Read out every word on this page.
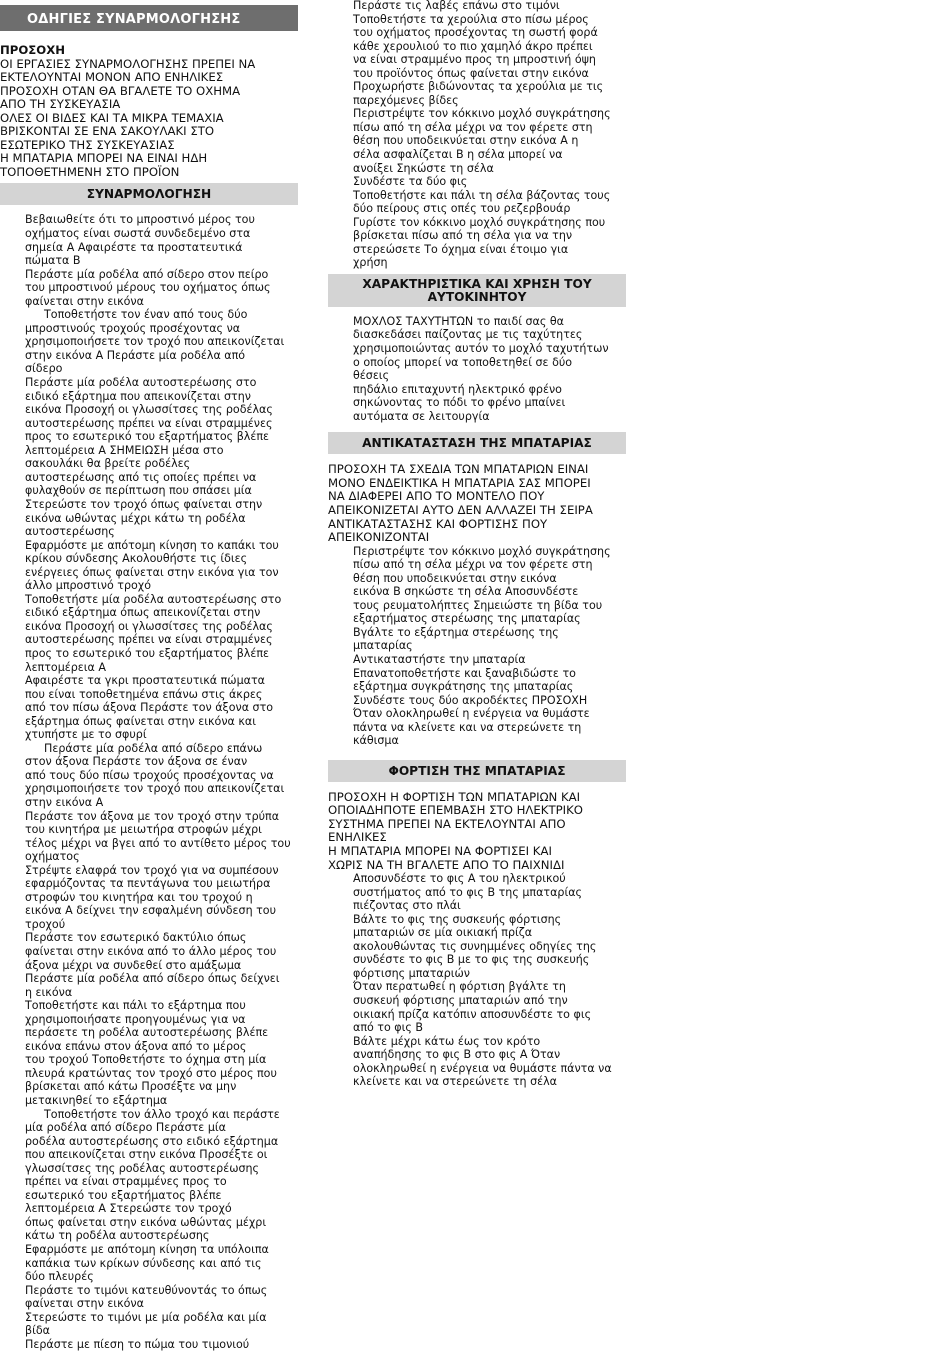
ΟΔΗΓΙΕΣ ΣΥΝΑΡΜΟΛΟΓΗΣΗΣ
ΠΡΟΣΟΧΗ
ΟΙ ΕΡΓΑΣΙΕΣ ΣΥΝΑΡΜΟΛΟΓΗΣΗΣ ΠΡΕΠΕΙ ΝΑ
ΕΚΤΕΛΟΥΝΤΑΙ ΜΟΝΟΝ ΑΠΟ ΕΝΗΛΙΚΕΣ
ΠΡΟΣΟΧΗ ΟΤΑΝ ΘΑ ΒΓΑΛΕΤΕ ΤΟ ΟΧΗΜΑ
ΑΠΟ ΤΗ ΣΥΣΚΕΥΑΣΙΑ
ΟΛΕΣ ΟΙ ΒΙΔΕΣ ΚΑΙ ΤΑ ΜΙΚΡΑ ΤΕΜΑΧΙΑ
ΒΡΙΣΚΟΝΤΑΙ ΣΕ ΕΝΑ ΣΑΚΟΥΛΑΚΙ ΣΤΟ
ΕΣΩΤΕΡΙΚΟ ΤΗΣ ΣΥΣΚΕΥΑΣΙΑΣ
Η ΜΠΑΤΑΡΙΑ ΜΠΟΡΕΙ ΝΑ ΕΙΝΑΙ ΗΔΗ
ΤΟΠΟΘΕΤΗΜΕΝΗ ΣΤΟ ΠΡΟΪΟΝ
ΣΥΝΑΡΜΟΛΟΓΗΣΗ
Βεβαιωθείτε ότι το μπροστινό μέρος του
οχήματος είναι σωστά συνδεδεμένο στα
σημεία A Αφαιρέστε τα προστατευτικά
πώματα B
Περάστε μία ροδέλα από σίδερο στον πείρο
του μπροστινού μέρους του οχήματος όπως
φαίνεται στην εικόνα
Τοποθετήστε τον έναν από τους δύο
μπροστινούς τροχούς προσέχοντας να
χρησιμοποιήσετε τον τροχό που απεικονίζεται
στην εικόνα A Περάστε μία ροδέλα από
σίδερο
Περάστε μία ροδέλα αυτοστερέωσης στο
ειδικό εξάρτημα που απεικονίζεται στην
εικόνα Προσοχή οι γλωσσίτσες της ροδέλας
αυτοστερέωσης πρέπει να είναι στραμμένες
προς το εσωτερικό του εξαρτήματος βλέπε
λεπτομέρεια A ΣΗΜΕΙΩΣΗ μέσα στο
σακουλάκι θα βρείτε ροδέλες
αυτοστερέωσης από τις οποίες πρέπει να
φυλαχθούν σε περίπτωση που σπάσει μία
Στερεώστε τον τροχό όπως φαίνεται στην
εικόνα ωθώντας μέχρι κάτω τη ροδέλα
αυτοστερέωσης
Εφαρμόστε με απότομη κίνηση το καπάκι του
κρίκου σύνδεσης Ακολουθήστε τις ίδιες
ενέργειες όπως φαίνεται στην εικόνα για τον
άλλο μπροστινό τροχό
Τοποθετήστε μία ροδέλα αυτοστερέωσης στο
ειδικό εξάρτημα όπως απεικονίζεται στην
εικόνα Προσοχή οι γλωσσίτσες της ροδέλας
αυτοστερέωσης πρέπει να είναι στραμμένες
προς το εσωτερικό του εξαρτήματος βλέπε
λεπτομέρεια A
Αφαιρέστε τα γκρι προστατευτικά πώματα
που είναι τοποθετημένα επάνω στις άκρες
από τον πίσω άξονα Περάστε τον άξονα στο
εξάρτημα όπως φαίνεται στην εικόνα και
χτυπήστε με το σφυρί
Περάστε μία ροδέλα από σίδερο επάνω
στον άξονα Περάστε τον άξονα σε έναν
από τους δύο πίσω τροχούς προσέχοντας να
χρησιμοποιήσετε τον τροχό που απεικονίζεται
στην εικόνα A
Περάστε τον άξονα με τον τροχό στην τρύπα
του κινητήρα με μειωτήρα στροφών μέχρι
τέλος μέχρι να βγει από το αντίθετο μέρος του
οχήματος
Στρέψτε ελαφρά τον τροχό για να συμπέσουν
εφαρμόζοντας τα πεντάγωνα του μειωτήρα
στροφών του κινητήρα και του τροχού η
εικόνα A δείχνει την εσφαλμένη σύνδεση του
τροχού
Περάστε τον εσωτερικό δακτύλιο όπως
φαίνεται στην εικόνα από το άλλο μέρος του
άξονα μέχρι να συνδεθεί στο αμάξωμα
Περάστε μία ροδέλα από σίδερο όπως δείχνει
η εικόνα
Τοποθετήστε και πάλι το εξάρτημα που
χρησιμοποιήσατε προηγουμένως για να
περάσετε τη ροδέλα αυτοστερέωσης βλέπε
εικόνα επάνω στον άξονα από το μέρος
του τροχού Τοποθετήστε το όχημα στη μία
πλευρά κρατώντας τον τροχό στο μέρος που
βρίσκεται από κάτω Προσέξτε να μην
μετακινηθεί το εξάρτημα
Τοποθετήστε τον άλλο τροχό και περάστε
μία ροδέλα από σίδερο Περάστε μία
ροδέλα αυτοστερέωσης στο ειδικό εξάρτημα
που απεικονίζεται στην εικόνα Προσέξτε οι
γλωσσίτσες της ροδέλας αυτοστερέωσης
πρέπει να είναι στραμμένες προς το
εσωτερικό του εξαρτήματος βλέπε
λεπτομέρεια A Στερεώστε τον τροχό
όπως φαίνεται στην εικόνα ωθώντας μέχρι
κάτω τη ροδέλα αυτοστερέωσης
Εφαρμόστε με απότομη κίνηση τα υπόλοιπα
καπάκια των κρίκων σύνδεσης και από τις
δύο πλευρές
Περάστε το τιμόνι κατευθύνοντάς το όπως
φαίνεται στην εικόνα
Στερεώστε το τιμόνι με μία ροδέλα και μία
βίδα
Περάστε με πίεση το πώμα του τιμονιού
Περάστε τις λαβές επάνω στο τιμόνι
Τοποθετήστε τα χερούλια στο πίσω μέρος
του οχήματος προσέχοντας τη σωστή φορά
κάθε χερουλιού το πιο χαμηλό άκρο πρέπει
να είναι στραμμένο προς τη μπροστινή όψη
του προϊόντος όπως φαίνεται στην εικόνα
Προχωρήστε βιδώνοντας τα χερούλια με τις
παρεχόμενες βίδες
Περιστρέψτε τον κόκκινο μοχλό συγκράτησης
πίσω από τη σέλα μέχρι να τον φέρετε στη
θέση που υποδεικνύεται στην εικόνα A η
σέλα ασφαλίζεται B η σέλα μπορεί να
ανοίξει Σηκώστε τη σέλα
Συνδέστε τα δύο φις
Τοποθετήστε και πάλι τη σέλα βάζοντας τους
δύο πείρους στις οπές του ρεζερβουάρ
Γυρίστε τον κόκκινο μοχλό συγκράτησης που
βρίσκεται πίσω από τη σέλα για να την
στερεώσετε Το όχημα είναι έτοιμο για
χρήση
ΧΑΡΑΚΤΗΡΙΣΤΙΚΑ ΚΑΙ ΧΡΗΣΗ ΤΟΥ
ΑΥΤΟΚΙΝΗΤΟΥ
ΜΟΧΛΟΣ ΤΑΧΥΤΗΤΩΝ το παιδί σας θα
διασκεδάσει παίζοντας με τις ταχύτητες
χρησιμοποιώντας αυτόν το μοχλό ταχυτήτων
ο οποίος μπορεί να τοποθετηθεί σε δύο
θέσεις
πηδάλιο επιταχυντή ηλεκτρικό φρένο
σηκώνοντας το πόδι το φρένο μπαίνει
αυτόματα σε λειτουργία
ΑΝΤΙΚΑΤΑΣΤΑΣΗ ΤΗΣ ΜΠΑΤΑΡΙΑΣ
ΠΡΟΣΟΧΗ ΤΑ ΣΧΕΔΙΑ ΤΩΝ ΜΠΑΤΑΡΙΩΝ ΕΙΝΑΙ
ΜΟΝΟ ΕΝΔΕΙΚΤΙΚΑ Η ΜΠΑΤΑΡΙΑ ΣΑΣ ΜΠΟΡΕΙ
ΝΑ ΔΙΑΦΕΡΕΙ ΑΠΟ ΤΟ ΜΟΝΤΕΛΟ ΠΟΥ
ΑΠΕΙΚΟΝΙΖΕΤΑΙ ΑΥΤΟ ΔΕΝ ΑΛΛΑΖΕΙ ΤΗ ΣΕΙΡΑ
ΑΝΤΙΚΑΤΑΣΤΑΣΗΣ ΚΑΙ ΦΟΡΤΙΣΗΣ ΠΟΥ
ΑΠΕΙΚΟΝΙΖΟΝΤΑΙ
Περιστρέψτε τον κόκκινο μοχλό συγκράτησης
πίσω από τη σέλα μέχρι να τον φέρετε στη
θέση που υποδεικνύεται στην εικόνα
εικόνα B σηκώστε τη σέλα Αποσυνδέστε
τους ρευματολήπτες Σημειώστε τη βίδα του
εξαρτήματος στερέωσης της μπαταρίας
Βγάλτε το εξάρτημα στερέωσης της
μπαταρίας
Αντικαταστήστε την μπαταρία
Επανατοποθετήστε και ξαναβιδώστε το
εξάρτημα συγκράτησης της μπαταρίας
Συνδέστε τους δύο ακροδέκτες ΠΡΟΣΟΧΗ
Όταν ολοκληρωθεί η ενέργεια να θυμάστε
πάντα να κλείνετε και να στερεώνετε τη
κάθισμα
ΦΟΡΤΙΣΗ ΤΗΣ ΜΠΑΤΑΡΙΑΣ
ΠΡΟΣΟΧΗ Η ΦΟΡΤΙΣΗ ΤΩΝ ΜΠΑΤΑΡΙΩΝ ΚΑΙ
ΟΠΟΙΑΔΗΠΟΤΕ ΕΠΕΜΒΑΣΗ ΣΤΟ ΗΛΕΚΤΡΙΚΟ
ΣΥΣΤΗΜΑ ΠΡΕΠΕΙ ΝΑ ΕΚΤΕΛΟΥΝΤΑΙ ΑΠΟ
ΕΝΗΛΙΚΕΣ
Η ΜΠΑΤΑΡΙΑ ΜΠΟΡΕΙ ΝΑ ΦΟΡΤΙΣΕΙ ΚΑΙ
ΧΩΡΙΣ ΝΑ ΤΗ ΒΓΑΛΕΤΕ ΑΠΟ ΤΟ ΠΑΙΧΝΙΔΙ
Αποσυνδέστε το φις A του ηλεκτρικού
συστήματος από το φις B της μπαταρίας
πιέζοντας στο πλάι
Βάλτε το φις της συσκευής φόρτισης
μπαταριών σε μία οικιακή πρίζα
ακολουθώντας τις συνημμένες οδηγίες της
συνδέστε το φις B με το φις της συσκευής
φόρτισης μπαταριών
Όταν περατωθεί η φόρτιση βγάλτε τη
συσκευή φόρτισης μπαταριών από την
οικιακή πρίζα κατόπιν αποσυνδέστε το φις
από το φις B
Βάλτε μέχρι κάτω έως τον κρότο
αναπήδησης το φις B στο φις A Όταν
ολοκληρωθεί η ενέργεια να θυμάστε πάντα να
κλείνετε και να στερεώνετε τη σέλα
